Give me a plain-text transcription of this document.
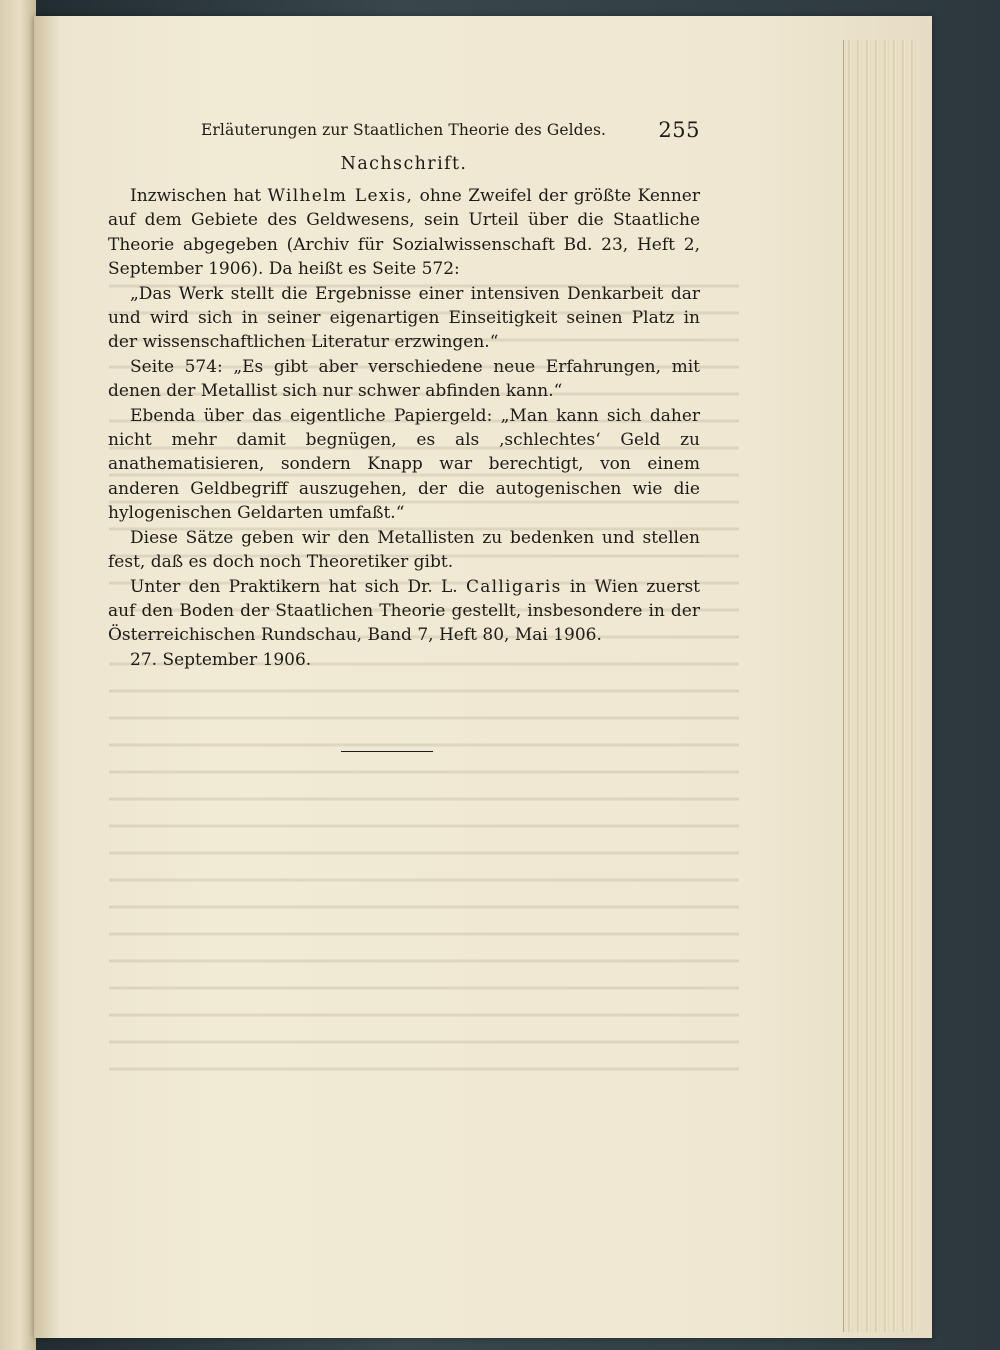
Erläuterungen zur Staatlichen Theorie des Geldes. 255
Nachschrift.

Inzwischen hat Wilhelm Lexis, ohne Zweifel der größte Kenner auf dem Gebiete des Geldwesens, sein Urteil über die Staatliche Theorie abgegeben (Archiv für Sozialwissenschaft Bd. 23, Heft 2, September 1906). Da heißt es Seite 572:

„Das Werk stellt die Ergebnisse einer intensiven Denkarbeit dar und wird sich in seiner eigenartigen Einseitigkeit seinen Platz in der wissenschaftlichen Literatur erzwingen.“

Seite 574: „Es gibt aber verschiedene neue Erfahrungen, mit denen der Metallist sich nur schwer abfinden kann.“

Ebenda über das eigentliche Papiergeld: „Man kann sich daher nicht mehr damit begnügen, es als ‚schlechtes‘ Geld zu anathematisieren, sondern Knapp war berechtigt, von einem anderen Geldbegriff auszugehen, der die autogenischen wie die hylogenischen Geldarten umfaßt.“

Diese Sätze geben wir den Metallisten zu bedenken und stellen fest, daß es doch noch Theoretiker gibt.

Unter den Praktikern hat sich Dr. L. Calligaris in Wien zuerst auf den Boden der Staatlichen Theorie gestellt, insbesondere in der Österreichischen Rundschau, Band 7, Heft 80, Mai 1906.

27. September 1906.
